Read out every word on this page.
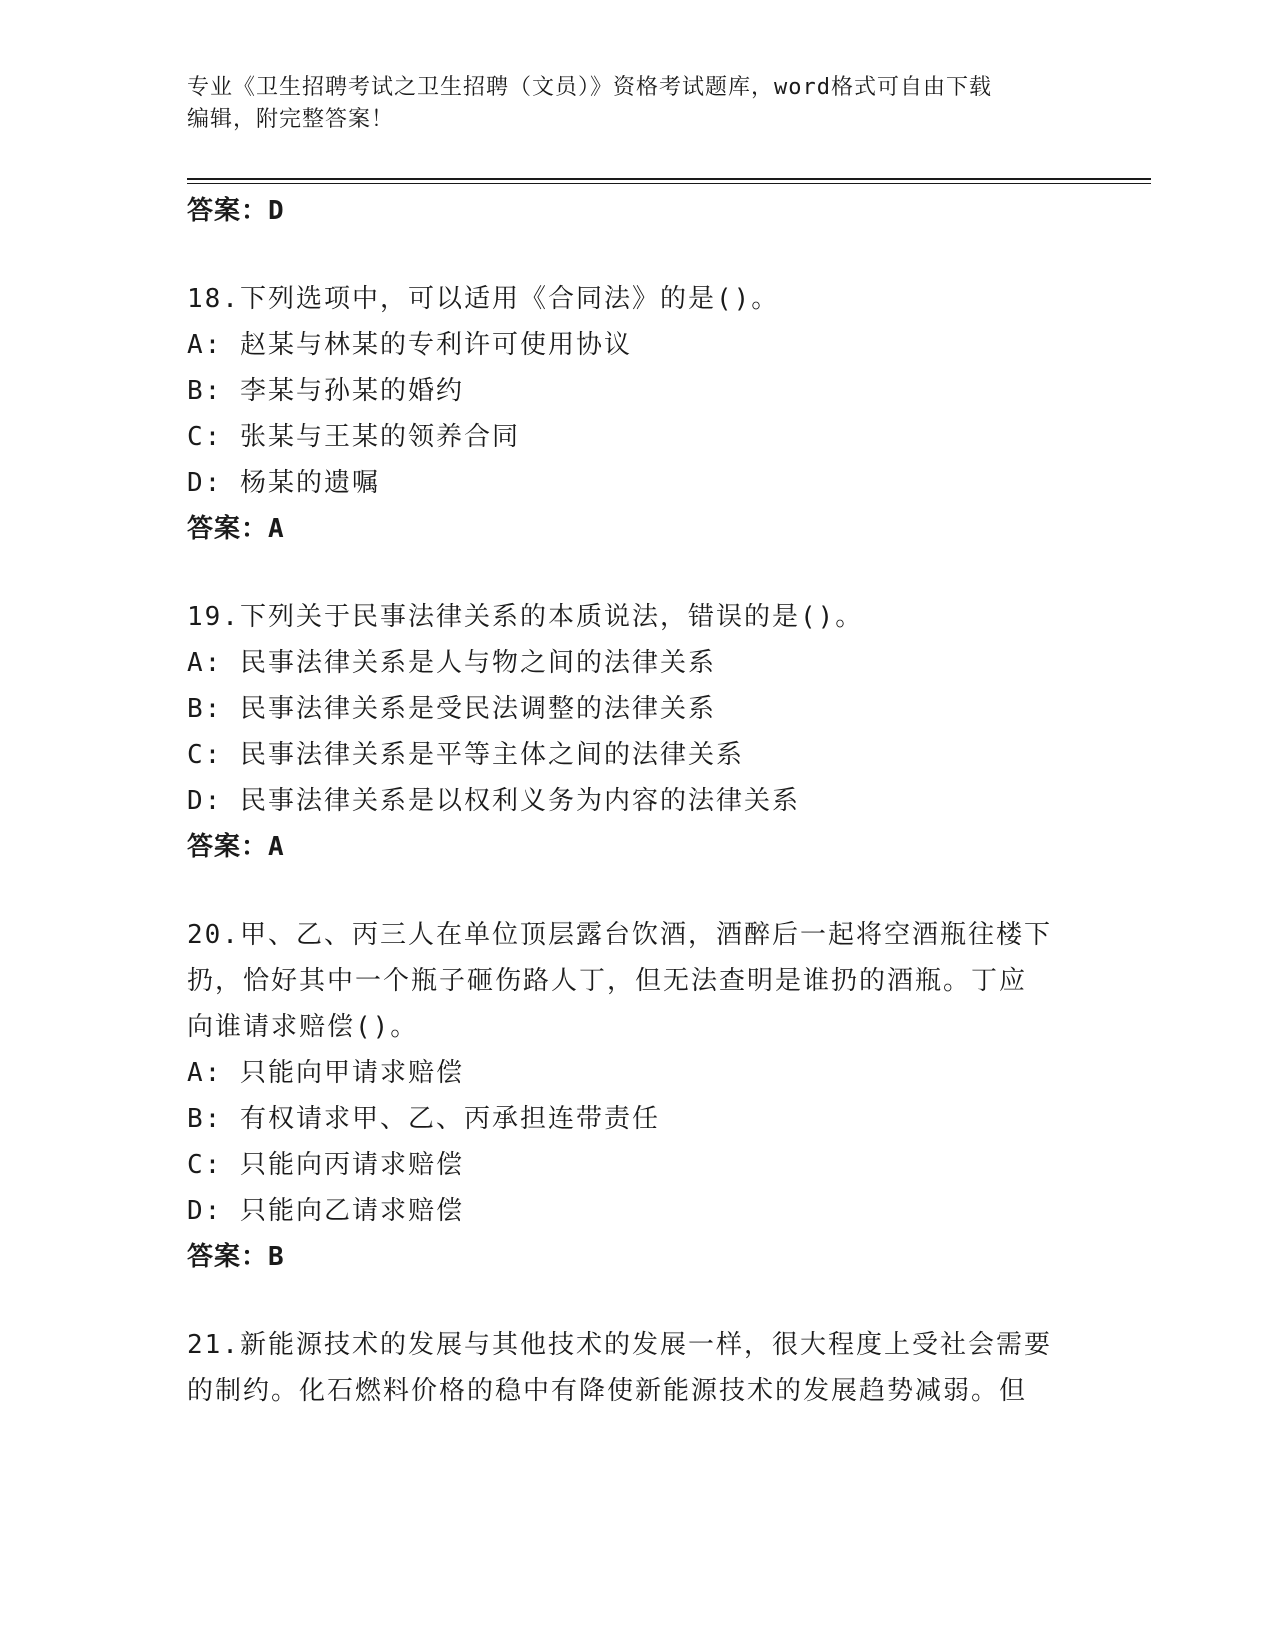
专业《卫生招聘考试之卫生招聘（文员）》资格考试题库，word格式可自由下载
编辑，附完整答案！

答案：D

18.下列选项中，可以适用《合同法》的是()。

A: 赵某与林某的专利许可使用协议

B: 李某与孙某的婚约

C: 张某与王某的领养合同

D: 杨某的遗嘱

答案：A

19.下列关于民事法律关系的本质说法，错误的是()。

A: 民事法律关系是人与物之间的法律关系

B: 民事法律关系是受民法调整的法律关系

C: 民事法律关系是平等主体之间的法律关系

D: 民事法律关系是以权利义务为内容的法律关系

答案：A

20.甲、乙、丙三人在单位顶层露台饮酒，酒醉后一起将空酒瓶往楼下

扔，恰好其中一个瓶子砸伤路人丁，但无法查明是谁扔的酒瓶。丁应

向谁请求赔偿()。

A: 只能向甲请求赔偿

B: 有权请求甲、乙、丙承担连带责任

C: 只能向丙请求赔偿

D: 只能向乙请求赔偿

答案：B

21.新能源技术的发展与其他技术的发展一样，很大程度上受社会需要

的制约。化石燃料价格的稳中有降使新能源技术的发展趋势减弱。但
